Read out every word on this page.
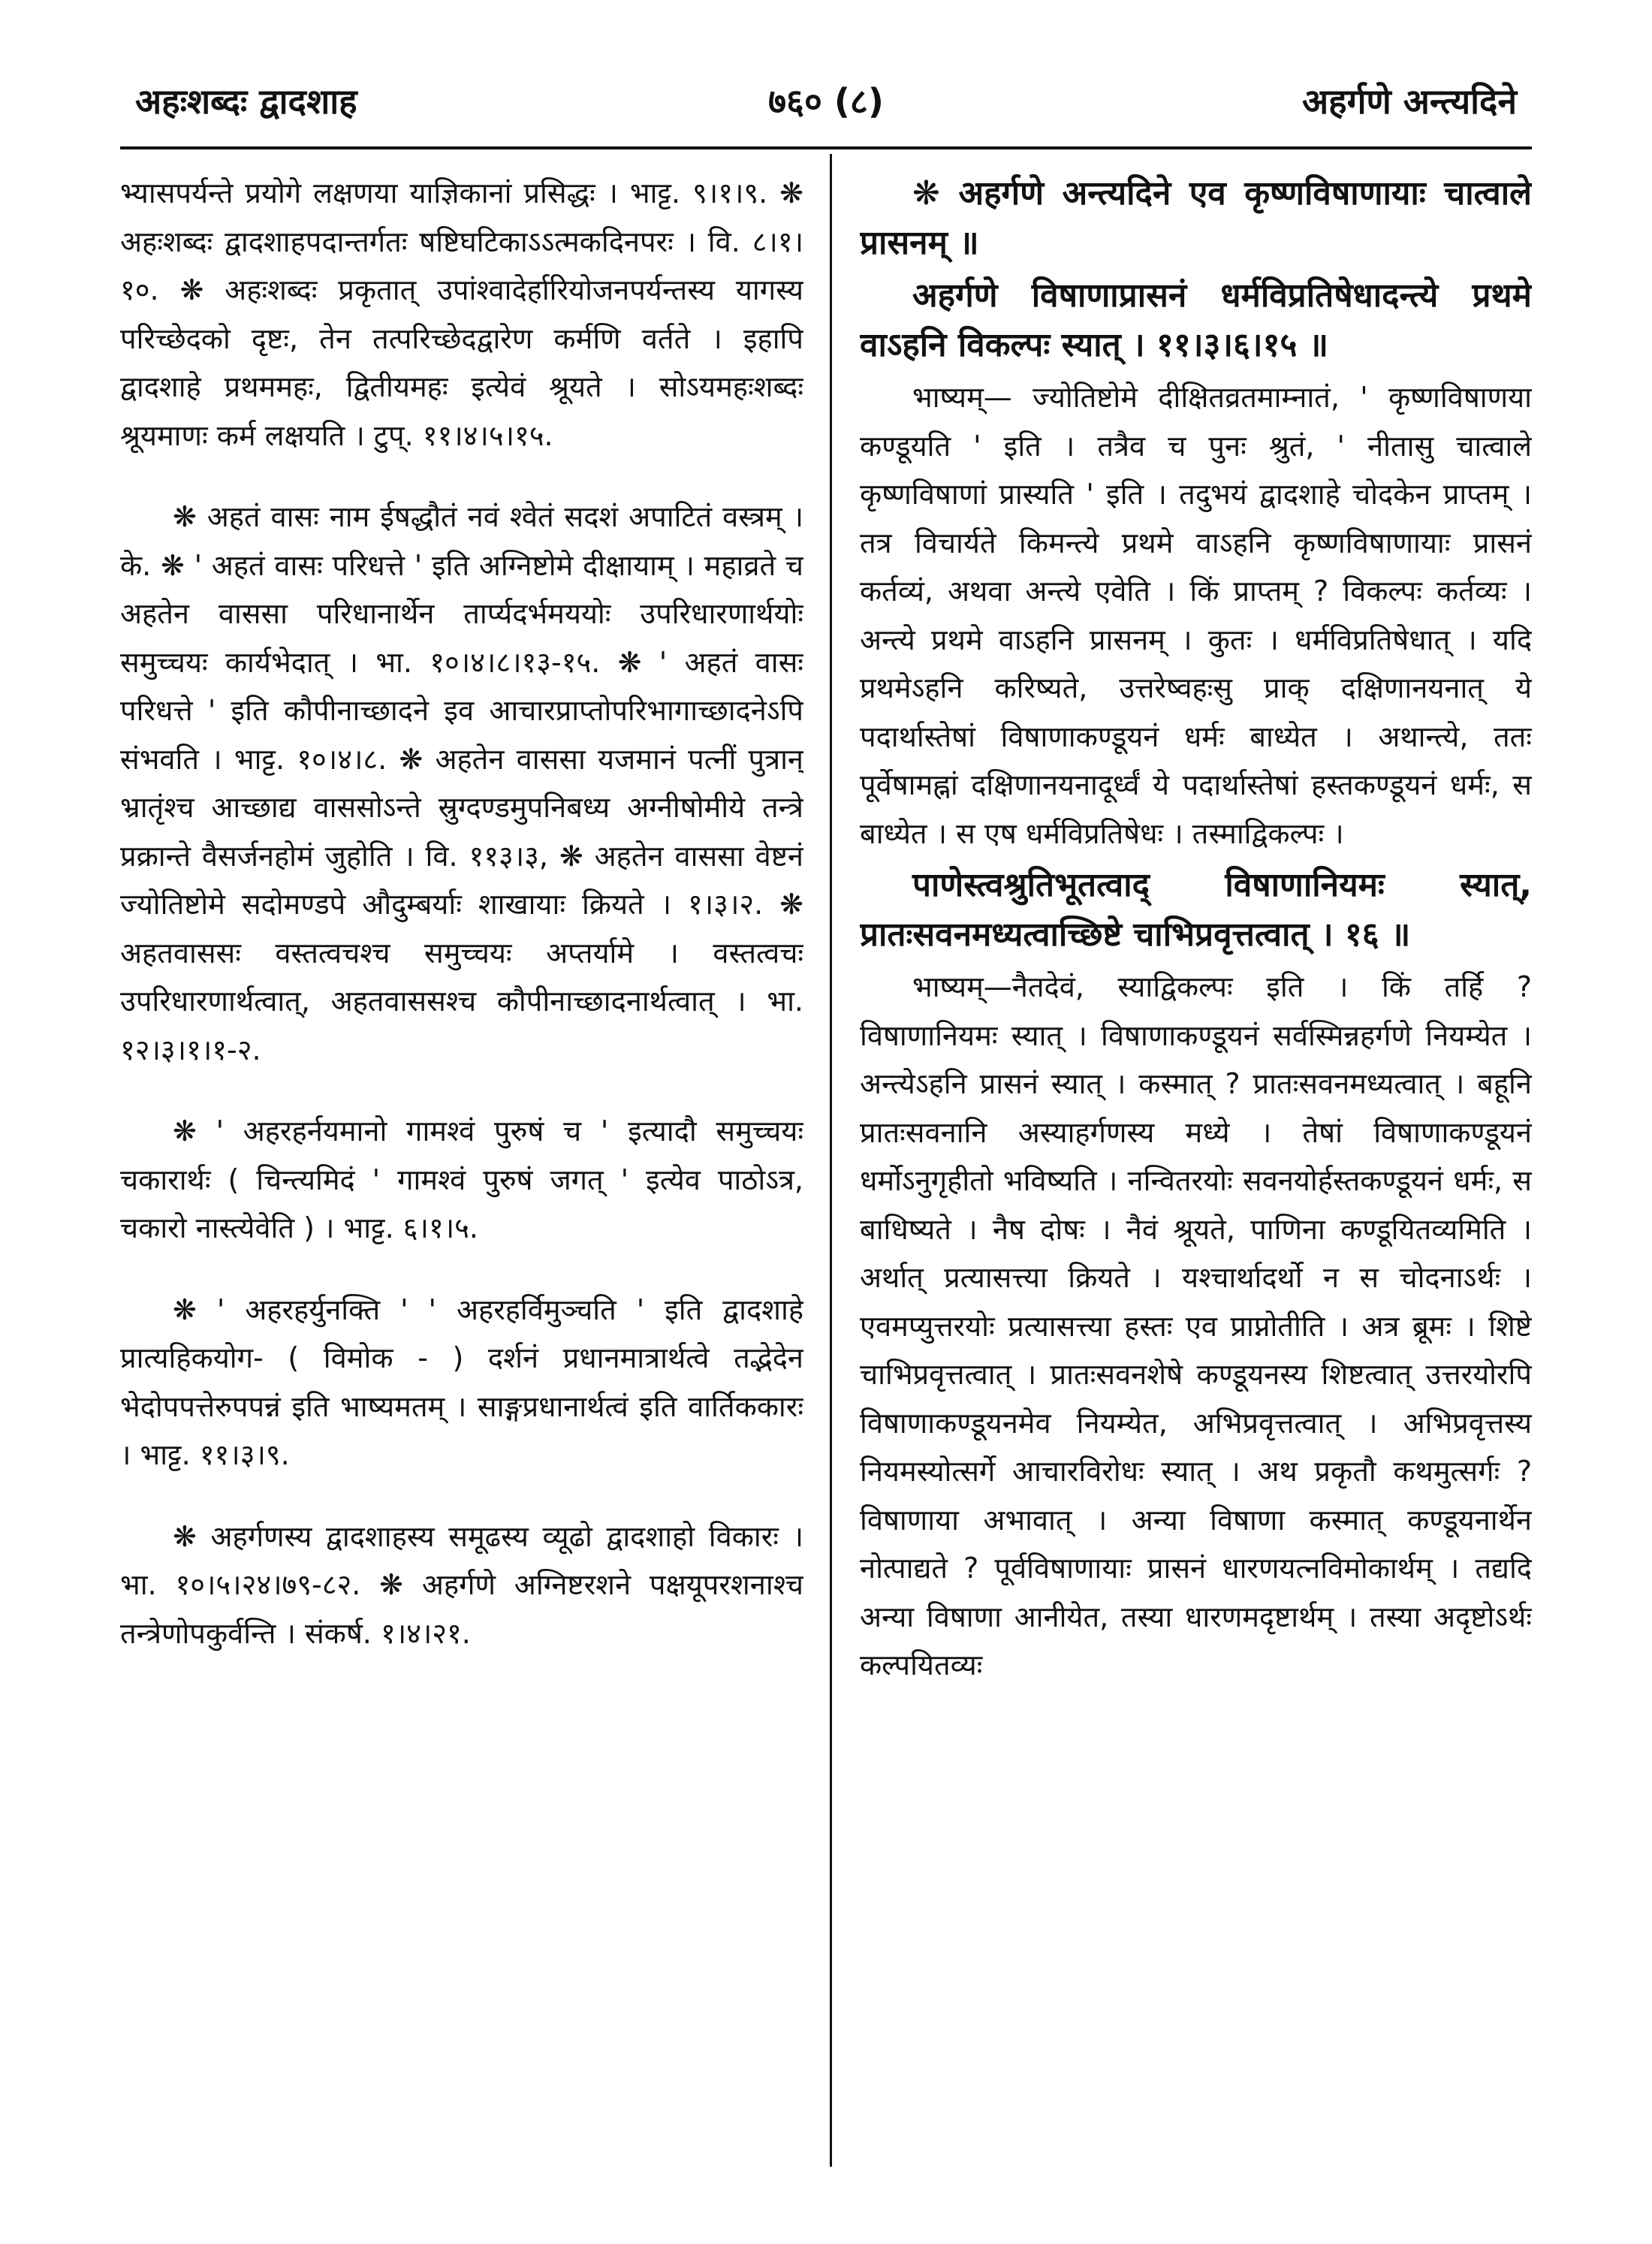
अहःशब्दः द्वादशाह	७६० (८)	अहर्गणे अन्त्यदिने

भ्यासपर्यन्ते प्रयोगे लक्षणया याज्ञिकानां प्रसिद्धः । भाट्ट. ९।१।९. ❋ अहःशब्दः द्वादशाहपदान्तर्गतः षष्टिघटिकाऽऽत्मकदिनपरः । वि. ८।१।१०. ❋ अहःशब्दः प्रकृतात् उपांश्वादेर्हारियोजनपर्यन्तस्य यागस्य परिच्छेदको दृष्टः, तेन तत्परिच्छेदद्वारेण कर्मणि वर्तते । इहापि द्वादशाहे प्रथममहः, द्वितीयमहः इत्येवं श्रूयते । सोऽयमहःशब्दः श्रूयमाणः कर्म लक्षयति । टुप्. ११।४।५।१५.

❋ अहतं वासः नाम ईषद्धौतं नवं श्वेतं सदशं अपाटितं वस्त्रम् । के. ❋ ' अहतं वासः परिधत्ते ' इति अग्निष्टोमे दीक्षायाम् । महाव्रते च अहतेन वाससा परिधानार्थेन तार्प्यदर्भमययोः उपरिधारणार्थयोः समुच्चयः कार्यभेदात् । भा. १०।४।८।१३-१५. ❋ ' अहतं वासः परिधत्ते ' इति कौपीनाच्छादने इव आचारप्राप्तोपरिभागाच्छादनेऽपि संभवति । भाट्ट. १०।४।८. ❋ अहतेन वाससा यजमानं पत्नीं पुत्रान् भ्रातृंश्च आच्छाद्य वाससोऽन्ते स्रुग्दण्डमुपनिबध्य अग्नीषोमीये तन्त्रे प्रक्रान्ते वैसर्जनहोमं जुहोति । वि. ११३।३, ❋ अहतेन वाससा वेष्टनं ज्योतिष्टोमे सदोमण्डपे औदुम्बर्याः शाखायाः क्रियते । १।३।२. ❋ अहतवाससः वस्तत्वचश्च समुच्चयः अप्तर्यामे । वस्तत्वचः उपरिधारणार्थत्वात्, अहतवाससश्च कौपीनाच्छादनार्थत्वात् । भा. १२।३।१।१-२.

❋ ' अहरहर्नयमानो गामश्वं पुरुषं च ' इत्यादौ समुच्चयः चकारार्थः ( चिन्त्यमिदं ' गामश्वं पुरुषं जगत् ' इत्येव पाठोऽत्र, चकारो नास्त्येवेति ) । भाट्ट. ६।१।५.

❋ ' अहरहर्युनक्ति ' ' अहरहर्विमुञ्चति ' इति द्वादशाहे प्रात्यहिकयोग- ( विमोक - ) दर्शनं प्रधानमात्रार्थत्वे तद्भेदेन भेदोपपत्तेरुपपन्नं इति भाष्यमतम् । साङ्गप्रधानार्थत्वं इति वार्तिककारः । भाट्ट. ११।३।९.

❋ अहर्गणस्य द्वादशाहस्य समूढस्य व्यूढो द्वादशाहो विकारः । भा. १०।५।२४।७९-८२. ❋ अहर्गणे अग्निष्टरशने पक्षयूपरशनाश्च तन्त्रेणोपकुर्वन्ति । संकर्ष. १।४।२१.

❋ अहर्गणे अन्त्यदिने एव कृष्णविषाणायाः चात्वाले प्रासनम् ॥

अहर्गणे विषाणाप्रासनं धर्मविप्रतिषेधादन्त्ये प्रथमे वाऽहनि विकल्पः स्यात् । ११।३।६।१५ ॥

भाष्यम्— ज्योतिष्टोमे दीक्षितव्रतमाम्नातं, ' कृष्णविषाणया कण्डूयति ' इति । तत्रैव च पुनः श्रुतं, ' नीतासु चात्वाले कृष्णविषाणां प्रास्यति ' इति । तदुभयं द्वादशाहे चोदकेन प्राप्तम् । तत्र विचार्यते किमन्त्ये प्रथमे वाऽहनि कृष्णविषाणायाः प्रासनं कर्तव्यं, अथवा अन्त्ये एवेति । किं प्राप्तम् ? विकल्पः कर्तव्यः । अन्त्ये प्रथमे वाऽहनि प्रासनम् । कुतः । धर्मविप्रतिषेधात् । यदि प्रथमेऽहनि करिष्यते, उत्तरेष्वहःसु प्राक् दक्षिणानयनात् ये पदार्थास्तेषां विषाणाकण्डूयनं धर्मः बाध्येत । अथान्त्ये, ततः पूर्वेषामह्नां दक्षिणानयनादूर्ध्वं ये पदार्थास्तेषां हस्तकण्डूयनं धर्मः, स बाध्येत । स एष धर्मविप्रतिषेधः । तस्माद्विकल्पः ।

पाणेस्त्वश्रुतिभूतत्वाद् विषाणानियमः स्यात्, प्रातःसवनमध्यत्वाच्छिष्टे चाभिप्रवृत्तत्वात् । १६ ॥

भाष्यम्—नैतदेवं, स्याद्विकल्पः इति । किं तर्हि ? विषाणानियमः स्यात् । विषाणाकण्डूयनं सर्वस्मिन्नहर्गणे नियम्येत । अन्त्येऽहनि प्रासनं स्यात् । कस्मात् ? प्रातःसवनमध्यत्वात् । बहूनि प्रातःसवनानि अस्याहर्गणस्य मध्ये । तेषां विषाणाकण्डूयनं धर्मोऽनुगृहीतो भविष्यति । नन्वितरयोः सवनयोर्हस्तकण्डूयनं धर्मः, स बाधिष्यते । नैष दोषः । नैवं श्रूयते, पाणिना कण्डूयितव्यमिति । अर्थात् प्रत्यासत्त्या क्रियते । यश्चार्थादर्थो न स चोदनाऽर्थः । एवमप्युत्तरयोः प्रत्यासत्त्या हस्तः एव प्राप्नोतीति । अत्र ब्रूमः । शिष्टे चाभिप्रवृत्तत्वात् । प्रातःसवनशेषे कण्डूयनस्य शिष्टत्वात् उत्तरयोरपि विषाणाकण्डूयनमेव नियम्येत, अभिप्रवृत्तत्वात् । अभिप्रवृत्तस्य नियमस्योत्सर्गे आचारविरोधः स्यात् । अथ प्रकृतौ कथमुत्सर्गः ? विषाणाया अभावात् । अन्या विषाणा कस्मात् कण्डूयनार्थेन नोत्पाद्यते ? पूर्वविषाणायाः प्रासनं धारणयत्नविमोकार्थम् । तद्यदि अन्या विषाणा आनीयेत, तस्या धारणमदृष्टार्थम् । तस्या अदृष्टोऽर्थः कल्पयितव्यः
